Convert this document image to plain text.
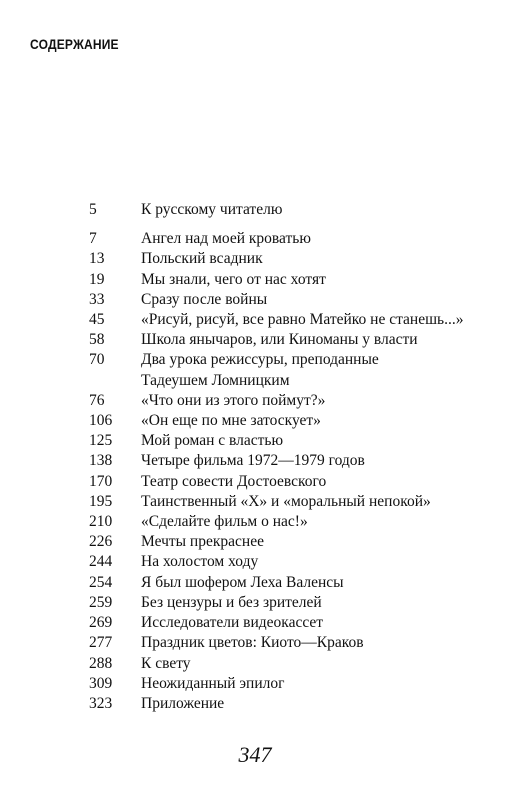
СОДЕРЖАНИЕ
5	К русскому читателю
7	Ангел над моей кроватью
13 Польский всадник
19 Мы знали, чего от нас хотят
33 Сразу после войны
45 «Рисуй, рисуй, все равно Матейко не станешь...»
58 Школа янычаров, или Киноманы у власти
70 Два урока режиссуры, преподанные
Тадеушем Ломницким
76 «Что они из этого поймут?»
106 «Он еще по мне затоскует»
125 Мой роман с властью
138 Четыре фильма 1972—1979 годов
170 Театр совести Достоевского
195 Таинственный «Х» и «моральный непокой»
210 «Сделайте фильм о нас!»
226 Мечты прекраснее
244 На холостом ходу
254 Я был шофером Леха Валенсы
259 Без цензуры и без зрителей
269 Исследователи видеокассет
277 Праздник цветов: Киото—Краков
288 К свету
309 Неожиданный эпилог
323 Приложение
347
